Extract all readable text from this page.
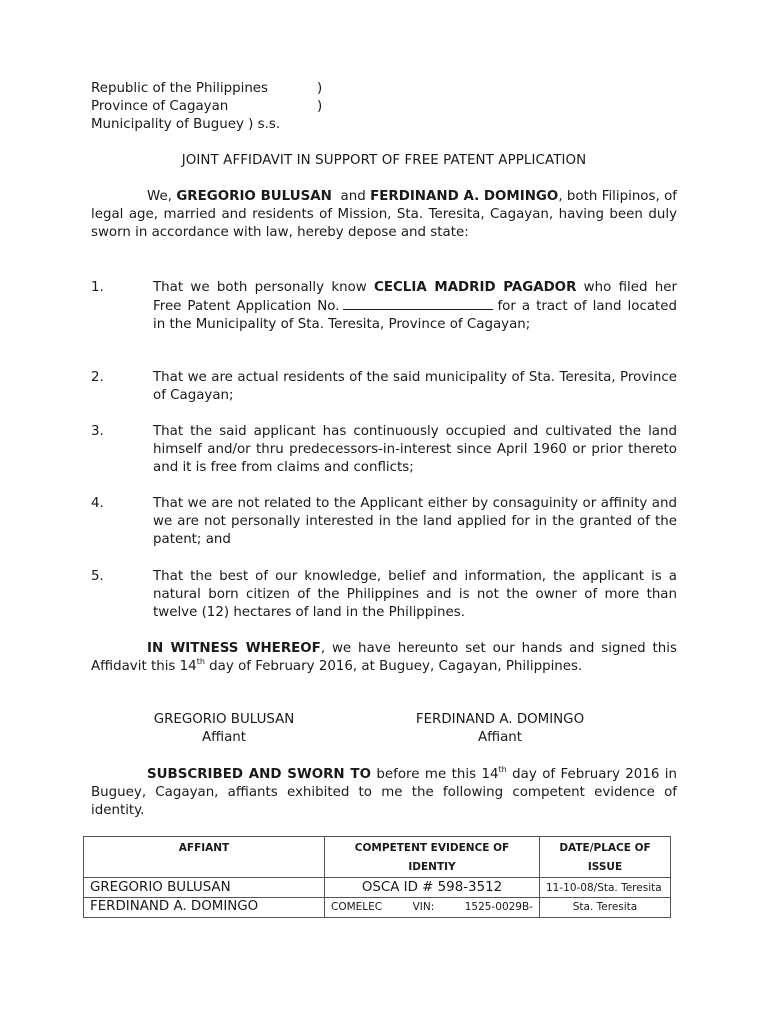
Republic of the Philippines	)
Province of Cagayan	)
Municipality of Buguey ) s.s.
JOINT AFFIDAVIT IN SUPPORT OF FREE PATENT APPLICATION
We, GREGORIO BULUSAN and FERDINAND A. DOMINGO, both Filipinos, of legal age, married and residents of Mission, Sta. Teresita, Cagayan, having been duly sworn in accordance with law, hereby depose and state:
1.	That we both personally know CECLIA MADRID PAGADOR who filed her Free Patent Application No.	for a tract of land located in the Municipality of Sta. Teresita, Province of Cagayan;
2.	That we are actual residents of the said municipality of Sta. Teresita, Province of Cagayan;
3.	That the said applicant has continuously occupied and cultivated the land himself and/or thru predecessors-in-interest since April 1960 or prior thereto and it is free from claims and conflicts;
4.	That we are not related to the Applicant either by consaguinity or affinity and we are not personally interested in the land applied for in the granted of the patent; and
5.	That the best of our knowledge, belief and information, the applicant is a natural born citizen of the Philippines and is not the owner of more than twelve (12) hectares of land in the Philippines.
IN WITNESS WHEREOF, we have hereunto set our hands and signed this Affidavit this 14th day of February 2016, at Buguey, Cagayan, Philippines.
GREGORIO BULUSAN
Affiant
FERDINAND A. DOMINGO
Affiant
SUBSCRIBED AND SWORN TO before me this 14th day of February 2016 in Buguey, Cagayan, affiants exhibited to me the following competent evidence of identity.
AFFIANT	COMPETENT EVIDENCE OF IDENTIY	DATE/PLACE OF ISSUE
GREGORIO BULUSAN	OSCA ID # 598-3512	11-10-08/Sta. Teresita
FERDINAND A. DOMINGO	COMELEC VIN: 1525-0029B-	Sta. Teresita
